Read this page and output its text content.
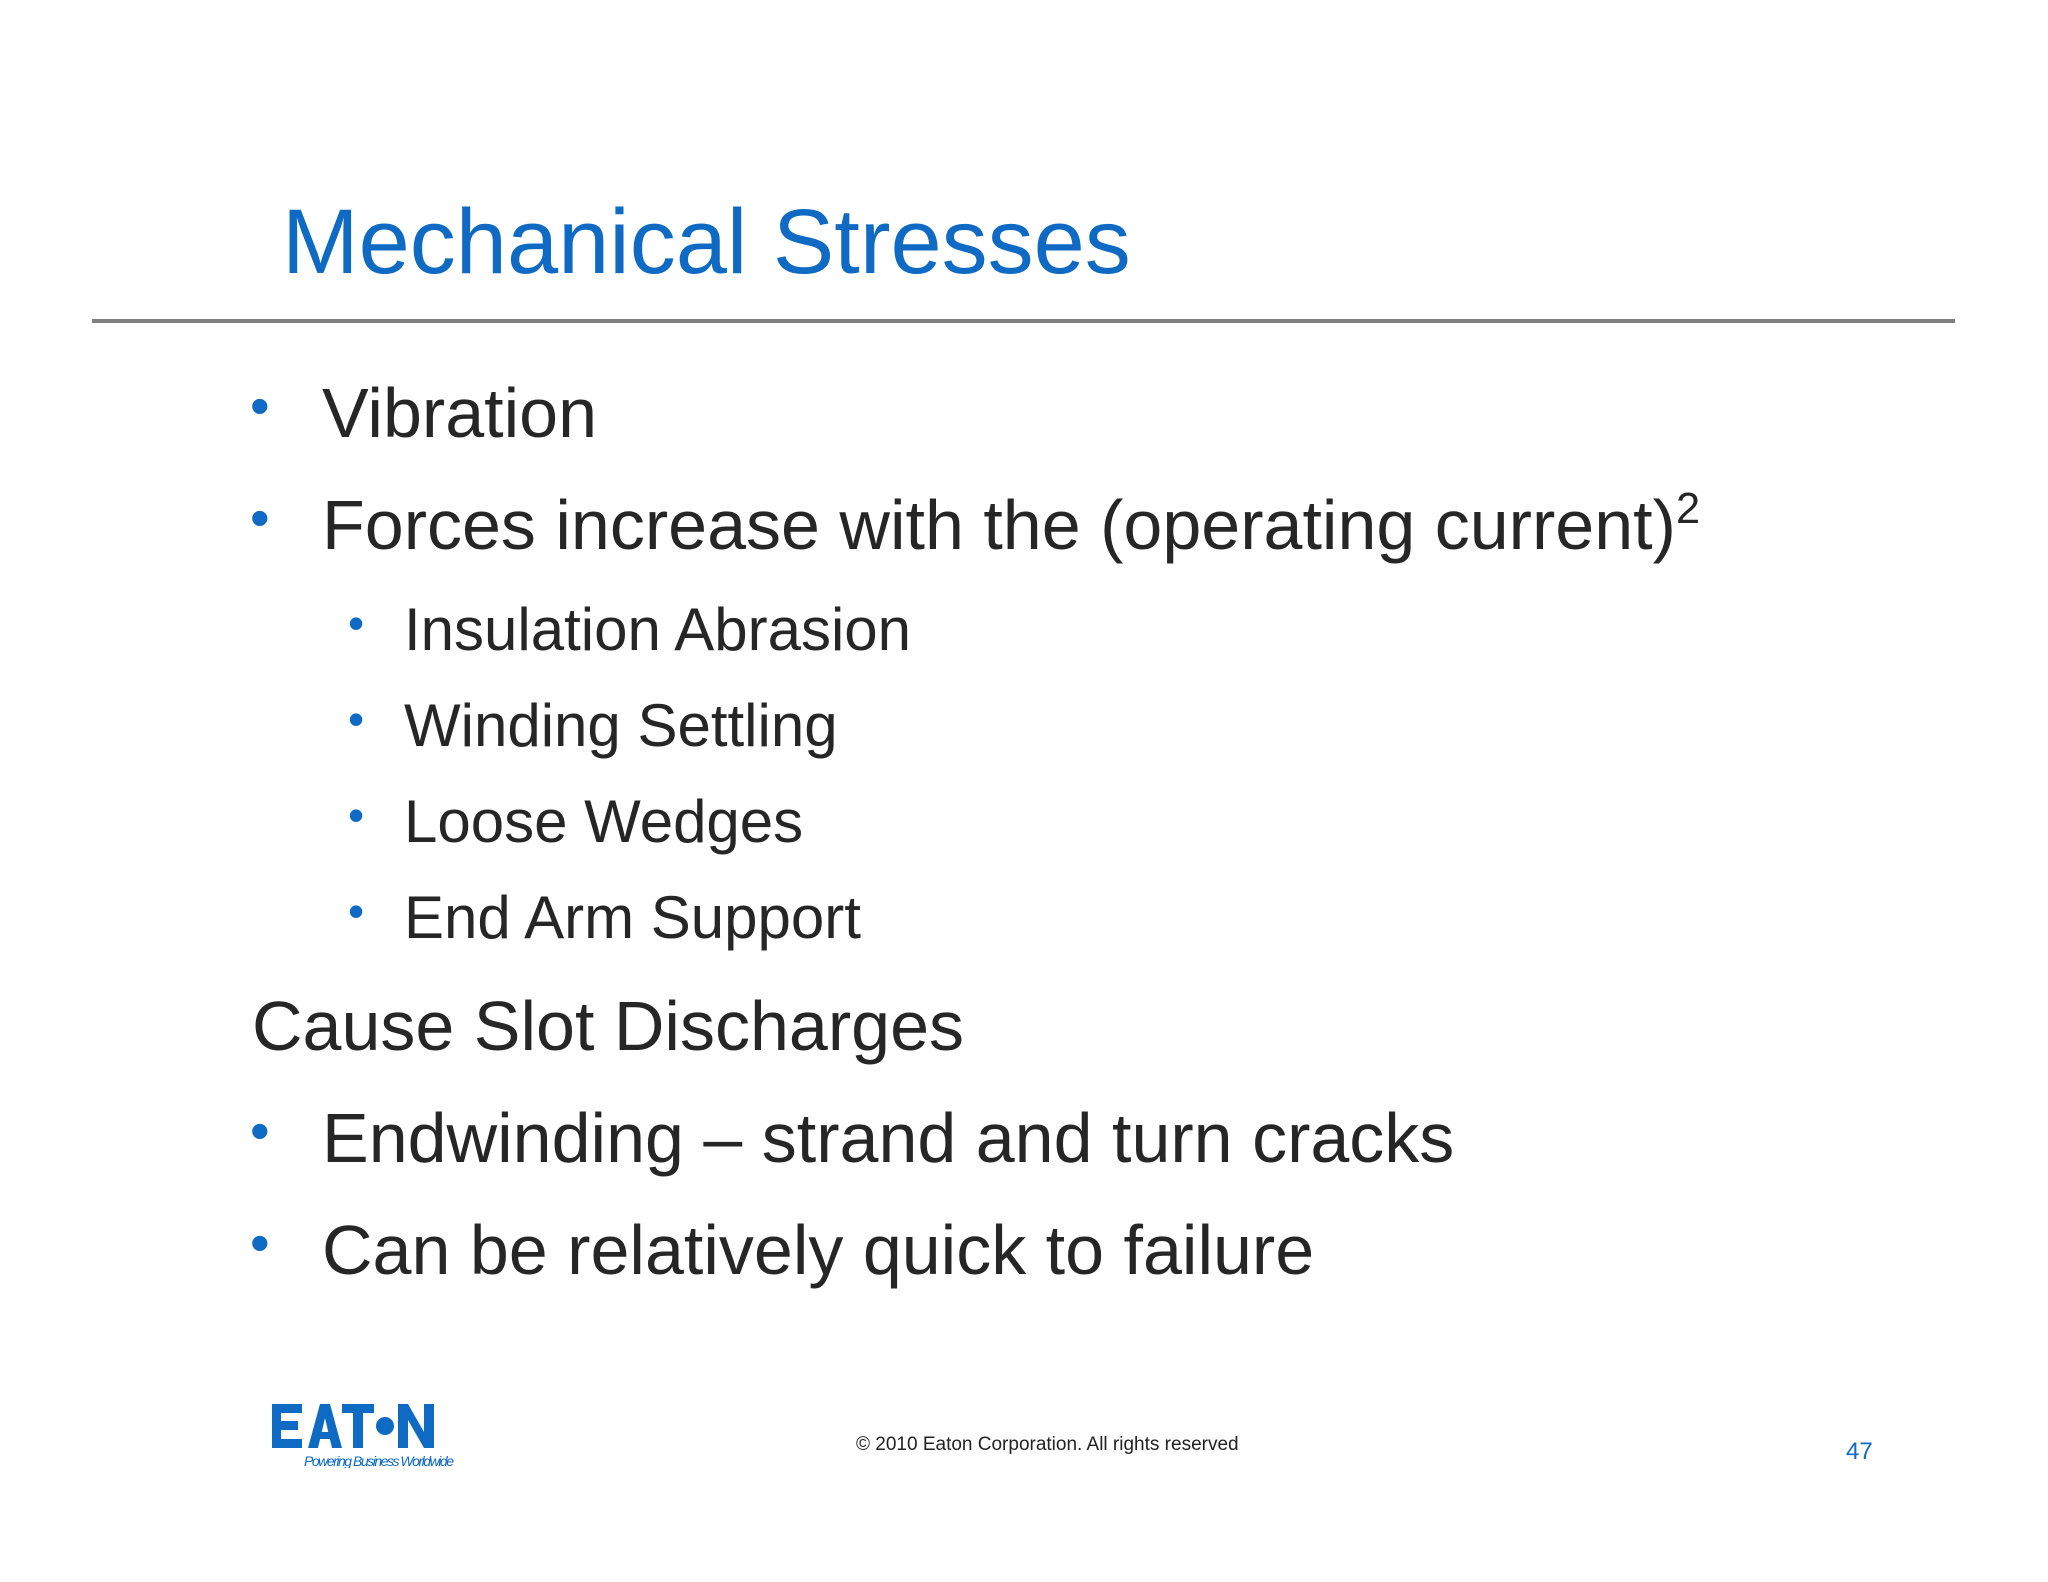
Mechanical Stresses
• Vibration
• Forces increase with the (operating current)$^2$
• Insulation Abrasion
• Winding Settling
• Loose Wedges
• End Arm Support
Cause Slot Discharges
• Endwinding – strand and turn cracks
• Can be relatively quick to failure
Powering Business Worldwide
© 2010 Eaton Corporation. All rights reserved	47
